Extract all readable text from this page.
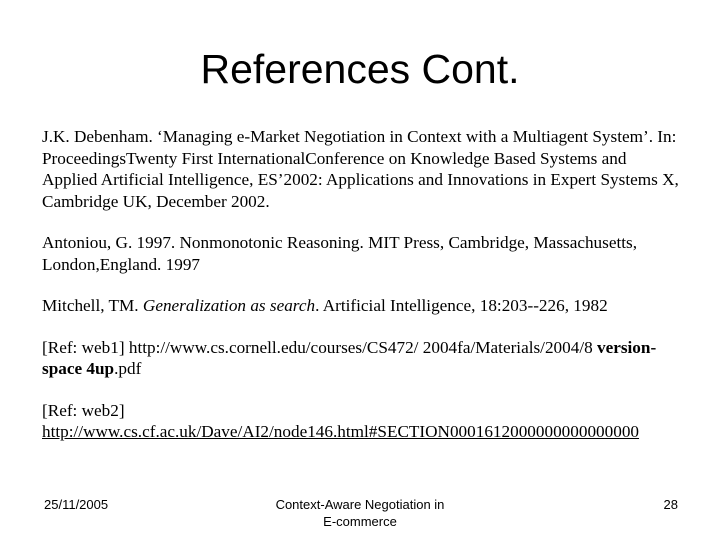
References Cont.

J.K. Debenham. ‘Managing e-Market Negotiation in Context with a Multiagent System’. In: ProceedingsTwenty First InternationalConference on Knowledge Based Systems and Applied Artificial Intelligence, ES’2002: Applications and Innovations in Expert Systems X, Cambridge UK, December 2002.

Antoniou, G. 1997. Nonmonotonic Reasoning. MIT Press, Cambridge, Massachusetts, London,England. 1997

Mitchell, TM. Generalization as search. Artificial Intelligence, 18:203--226, 1982

[Ref: web1] http://www.cs.cornell.edu/courses/CS472/ 2004fa/Materials/2004/8 version-space 4up.pdf

[Ref: web2]
http://www.cs.cf.ac.uk/Dave/AI2/node146.html#SECTION0001612000000000000000

25/11/2005	Context-Aware Negotiation in
E-commerce
28
